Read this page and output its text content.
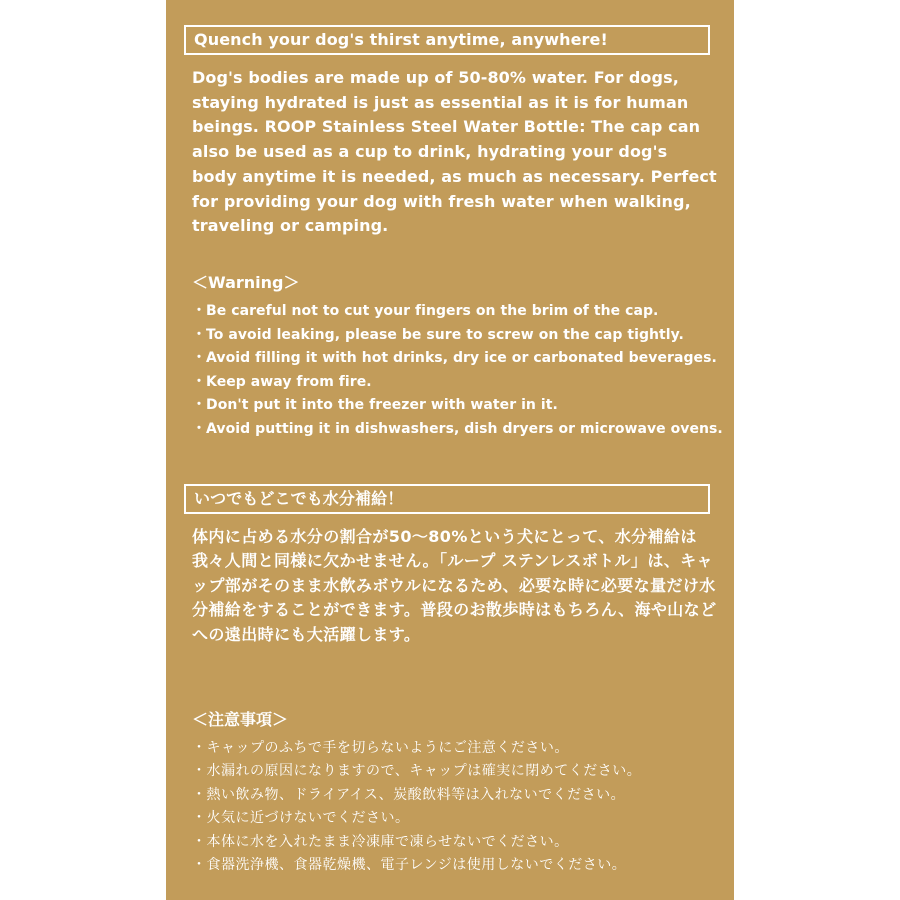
Quench your dog's thirst anytime, anywhere!
Dog's bodies are made up of 50-80% water. For dogs, staying hydrated is just as essential as it is for human beings. ROOP Stainless Steel Water Bottle: The cap can also be used as a cup to drink, hydrating your dog's body anytime it is needed, as much as necessary. Perfect for providing your dog with fresh water when walking, traveling or camping.
＜Warning＞
・Be careful not to cut your fingers on the brim of the cap.
・To avoid leaking, please be sure to screw on the cap tightly.
・Avoid filling it with hot drinks, dry ice or carbonated beverages.
・Keep away from fire.
・Don't put it into the freezer with water in it.
・Avoid putting it in dishwashers, dish dryers or microwave ovens.
いつでもどこでも水分補給！
体内に占める水分の割合が50～80%という犬にとって、水分補給は我々人間と同様に欠かせません。「ループ ステンレスボトル」は、キャップ部がそのまま水飲みボウルになるため、必要な時に必要な量だけ水分補給をすることができます。普段のお散歩時はもちろん、海や山などへの遠出時にも大活躍します。
＜注意事項＞
・キャップのふちで手を切らないようにご注意ください。
・水漏れの原因になりますので、キャップは確実に閉めてください。
・熱い飲み物、ドライアイス、炭酸飲料等は入れないでください。
・火気に近づけないでください。
・本体に水を入れたまま冷凍庫で凍らせないでください。
・食器洗浄機、食器乾燥機、電子レンジは使用しないでください。
